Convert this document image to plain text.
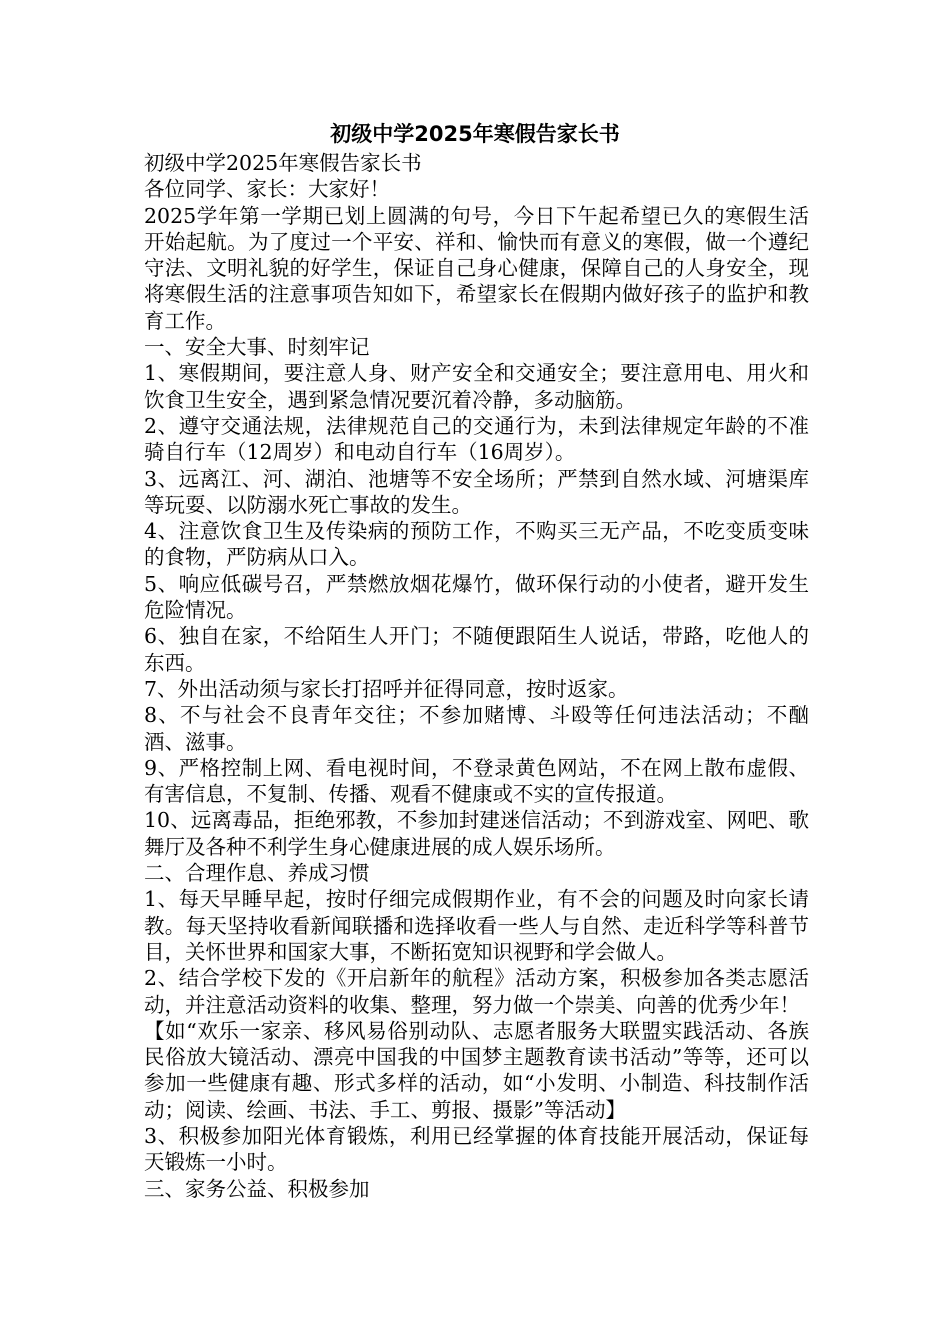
初级中学2025年寒假告家长书

初级中学2025年寒假告家长书

各位同学、家长：大家好！

2025学年第一学期已划上圆满的句号，今日下午起希望已久的寒假生活开始起航。为了度过一个平安、祥和、愉快而有意义的寒假，做一个遵纪守法、文明礼貌的好学生，保证自己身心健康，保障自己的人身安全，现将寒假生活的注意事项告知如下，希望家长在假期内做好孩子的监护和教育工作。

一、安全大事、时刻牢记

1、寒假期间，要注意人身、财产安全和交通安全；要注意用电、用火和饮食卫生安全，遇到紧急情况要沉着冷静，多动脑筋。

2、遵守交通法规，法律规范自己的交通行为，未到法律规定年龄的不准骑自行车（12周岁）和电动自行车（16周岁）。

3、远离江、河、湖泊、池塘等不安全场所；严禁到自然水域、河塘渠库等玩耍、以防溺水死亡事故的发生。

4、注意饮食卫生及传染病的预防工作，不购买三无产品，不吃变质变味的食物，严防病从口入。

5、响应低碳号召，严禁燃放烟花爆竹，做环保行动的小使者，避开发生危险情况。

6、独自在家，不给陌生人开门；不随便跟陌生人说话，带路，吃他人的东西。

7、外出活动须与家长打招呼并征得同意，按时返家。

8、不与社会不良青年交往；不参加赌博、斗殴等任何违法活动；不酗酒、滋事。

9、严格控制上网、看电视时间，不登录黄色网站，不在网上散布虚假、有害信息，不复制、传播、观看不健康或不实的宣传报道。

10、远离毒品，拒绝邪教，不参加封建迷信活动；不到游戏室、网吧、歌舞厅及各种不利学生身心健康进展的成人娱乐场所。

二、合理作息、养成习惯

1、每天早睡早起，按时仔细完成假期作业，有不会的问题及时向家长请教。每天坚持收看新闻联播和选择收看一些人与自然、走近科学等科普节目，关怀世界和国家大事，不断拓宽知识视野和学会做人。

2、结合学校下发的《开启新年的航程》活动方案，积极参加各类志愿活动，并注意活动资料的收集、整理，努力做一个崇美、向善的优秀少年！

【如“欢乐一家亲、移风易俗别动队、志愿者服务大联盟实践活动、各族民俗放大镜活动、漂亮中国我的中国梦主题教育读书活动”等等，还可以参加一些健康有趣、形式多样的活动，如“小发明、小制造、科技制作活动；阅读、绘画、书法、手工、剪报、摄影”等活动】

3、积极参加阳光体育锻炼，利用已经掌握的体育技能开展活动，保证每天锻炼一小时。

三、家务公益、积极参加
